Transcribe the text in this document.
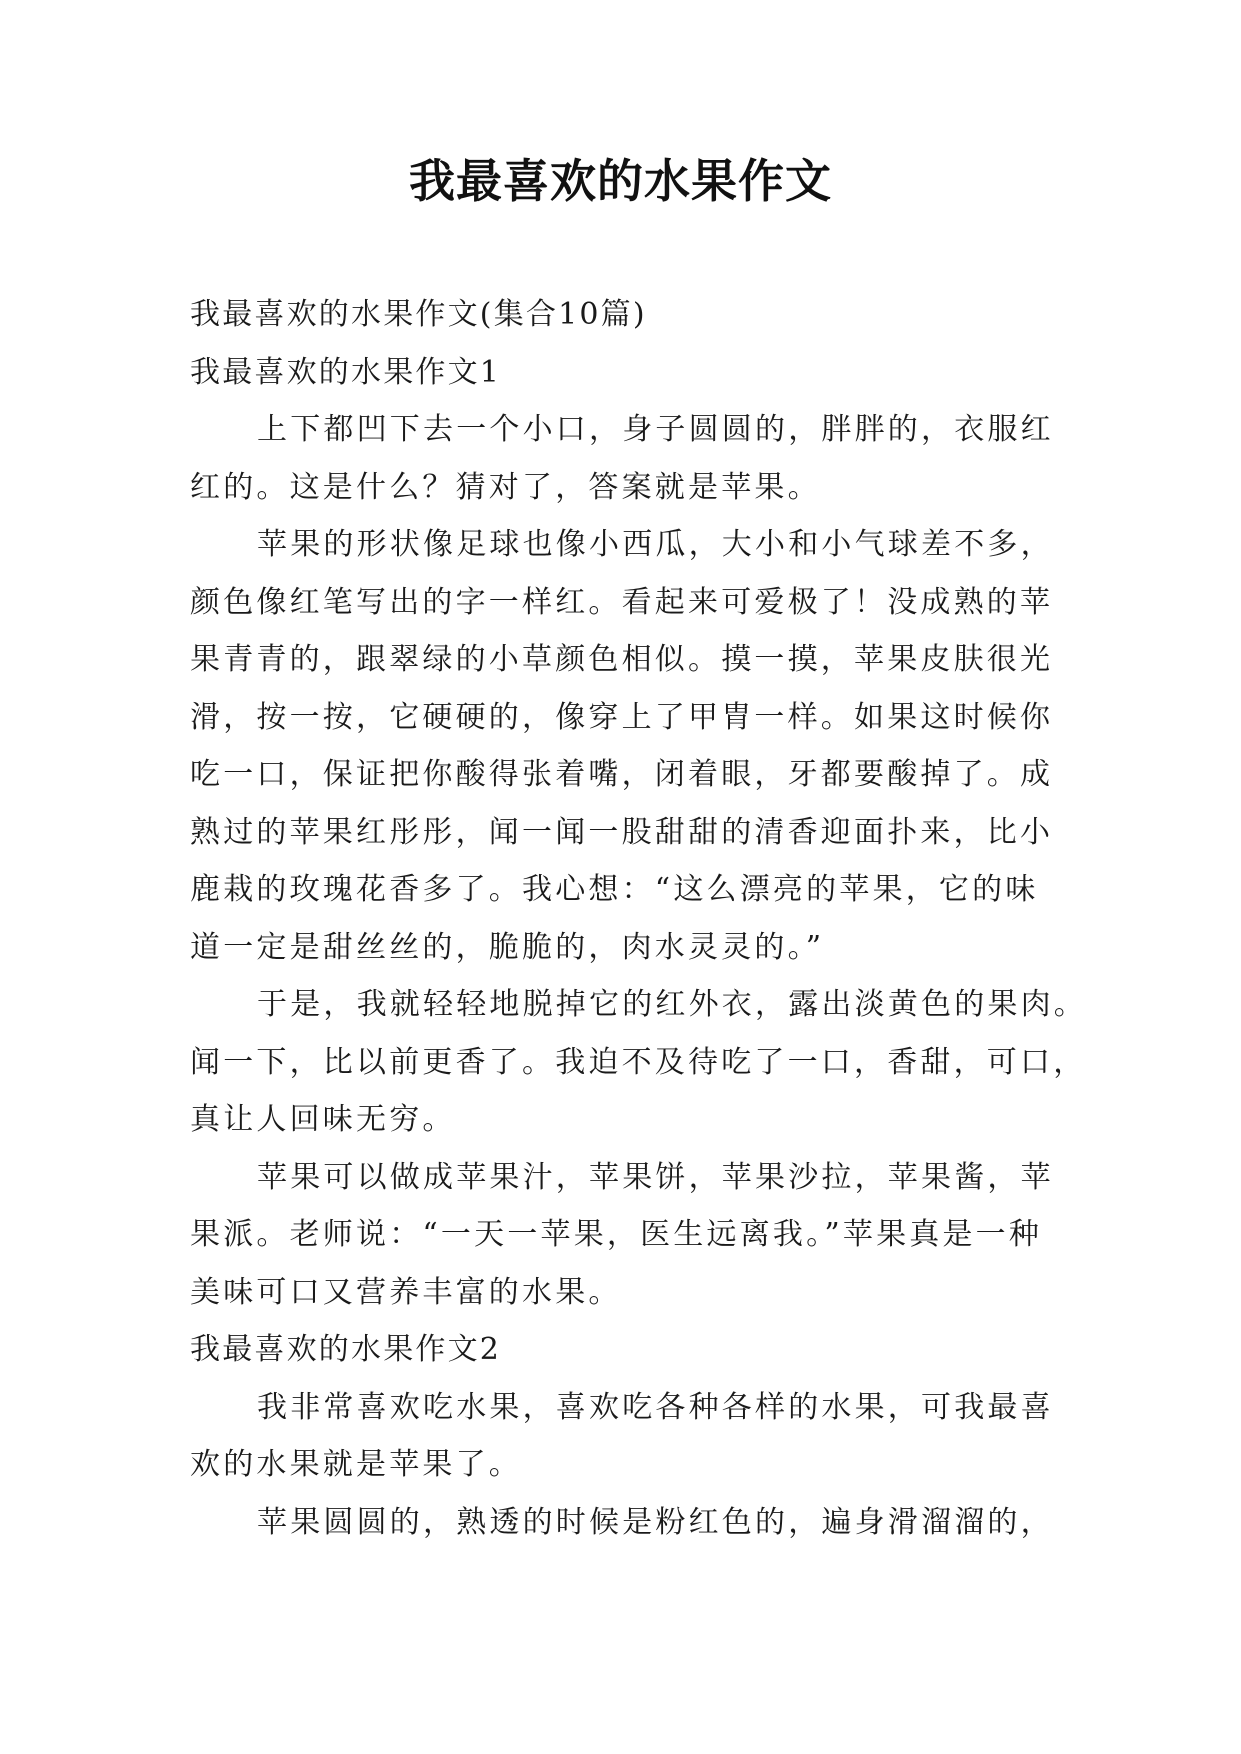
我最喜欢的水果作文

我最喜欢的水果作文(集合10篇)

我最喜欢的水果作文1

上下都凹下去一个小口，身子圆圆的，胖胖的，衣服红

红的。这是什么？猜对了，答案就是苹果。

苹果的形状像足球也像小西瓜，大小和小气球差不多，

颜色像红笔写出的字一样红。看起来可爱极了！没成熟的苹

果青青的，跟翠绿的小草颜色相似。摸一摸，苹果皮肤很光

滑，按一按，它硬硬的，像穿上了甲胄一样。如果这时候你

吃一口，保证把你酸得张着嘴，闭着眼，牙都要酸掉了。成

熟过的苹果红彤彤，闻一闻一股甜甜的清香迎面扑来，比小

鹿栽的玫瑰花香多了。我心想：“这么漂亮的苹果，它的味

道一定是甜丝丝的，脆脆的，肉水灵灵的。”

于是，我就轻轻地脱掉它的红外衣，露出淡黄色的果肉。

闻一下，比以前更香了。我迫不及待吃了一口，香甜，可口，

真让人回味无穷。

苹果可以做成苹果汁，苹果饼，苹果沙拉，苹果酱，苹

果派。老师说：“一天一苹果，医生远离我。”苹果真是一种

美味可口又营养丰富的水果。

我最喜欢的水果作文2

我非常喜欢吃水果，喜欢吃各种各样的水果，可我最喜

欢的水果就是苹果了。

苹果圆圆的，熟透的时候是粉红色的，遍身滑溜溜的，
